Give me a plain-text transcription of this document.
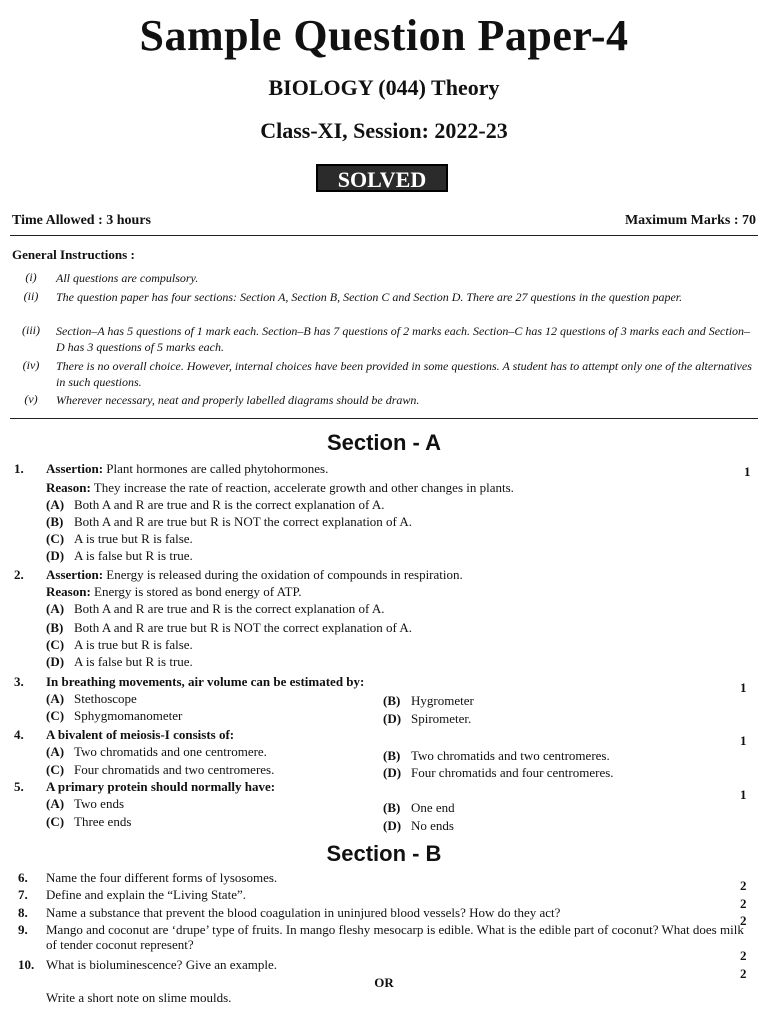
Sample Question Paper-4
BIOLOGY (044) Theory
Class-XI, Session: 2022-23
SOLVED
Time Allowed : 3 hours	Maximum Marks : 70
General Instructions :
(i)	All questions are compulsory.
(ii)	The question paper has four sections: Section A, Section B, Section C and Section D. There are 27 questions in the question paper.
(iii)	Section–A has 5 questions of 1 mark each. Section–B has 7 questions of 2 marks each. Section–C has 12 questions of 3 marks each and Section–D has 3 questions of 5 marks each.
(iv)	There is no overall choice. However, internal choices have been provided in some questions. A student has to attempt only one of the alternatives in such questions.
(v)	Wherever necessary, neat and properly labelled diagrams should be drawn.
Section - A
1. Assertion: Plant hormones are called phytohormones.	1
Reason: They increase the rate of reaction, accelerate growth and other changes in plants.
(A) Both A and R are true and R is the correct explanation of A.
(B) Both A and R are true but R is NOT the correct explanation of A.
(C) A is true but R is false.
(D) A is false but R is true.
2. Assertion: Energy is released during the oxidation of compounds in respiration.
Reason: Energy is stored as bond energy of ATP.
(A) Both A and R are true and R is the correct explanation of A.
(B) Both A and R are true but R is NOT the correct explanation of A.
(C) A is true but R is false.
(D) A is false but R is true.
3. In breathing movements, air volume can be estimated by:	1
(A) Stethoscope	(B) Hygrometer
(C) Sphygmomanometer	(D) Spirometer.
4. A bivalent of meiosis-I consists of:	1
(A) Two chromatids and one centromere.	(B) Two chromatids and two centromeres.
(C) Four chromatids and two centromeres.	(D) Four chromatids and four centromeres.
5. A primary protein should normally have:
1
(A) Two ends	(B) One end
(C) Three ends	(D) No ends
Section - B
6. Name the four different forms of lysosomes.
2
7. Define and explain the “Living State”.
2
8. Name a substance that prevent the blood coagulation in uninjured blood vessels? How do they act?
2
9. Mango and coconut are ‘drupe’ type of fruits. In mango fleshy mesocarp is edible. What is the edible part of coconut? What does milk of tender coconut represent?
2
10. What is bioluminescence? Give an example.
2
OR
Write a short note on slime moulds.
